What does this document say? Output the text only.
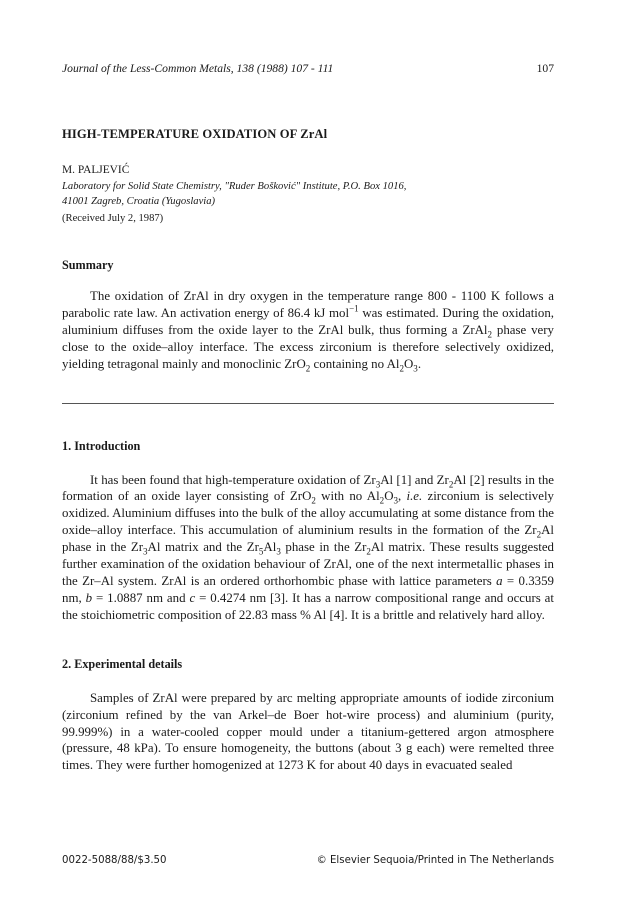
Journal of the Less-Common Metals, 138 (1988) 107 - 111	107
HIGH-TEMPERATURE OXIDATION OF ZrAl
M. PALJEVIĆ
Laboratory for Solid State Chemistry, "Ruder Bošković" Institute, P.O. Box 1016,
41001 Zagreb, Croatia (Yugoslavia)
(Received July 2, 1987)
Summary

The oxidation of ZrAl in dry oxygen in the temperature range 800 - 1100 K follows a parabolic rate law. An activation energy of 86.4 kJ mol$^{-1}$ was estimated. During the oxidation, aluminium diffuses from the oxide layer to the ZrAl bulk, thus forming a ZrAl$_2$ phase very close to the oxide–alloy interface. The excess zirconium is therefore selectively oxidized, yielding tetragonal mainly and monoclinic ZrO$_2$ containing no $Al_2O_3$.

1. Introduction

It has been found that high-temperature oxidation of $Zr_3Al$ [1] and $Zr_2Al$ [2] results in the formation of an oxide layer consisting of ZrO$_2$ with no $Al_2O_3$, i.e. zirconium is selectively oxidized. Aluminium diffuses into the bulk of the alloy accumulating at some distance from the oxide–alloy interface. This accumulation of aluminium results in the formation of the $Zr_2Al$ phase in the $Zr_3Al$ matrix and the $Zr_5Al_3$ phase in the $Zr_2Al$ matrix. These results suggested further examination of the oxidation behaviour of ZrAl, one of the next intermetallic phases in the Zr–Al system. ZrAl is an ordered orthorhombic phase with lattice parameters a = 0.3359 nm, b = 1.0887 nm and c = 0.4274 nm [3]. It has a narrow compositional range and occurs at the stoichiometric composition of 22.83 mass % Al [4]. It is a brittle and relatively hard alloy.

2. Experimental details

Samples of ZrAl were prepared by arc melting appropriate amounts of iodide zirconium (zirconium refined by the van Arkel–de Boer hot-wire process) and aluminium (purity, 99.999%) in a water-cooled copper mould under a titanium-gettered argon atmosphere (pressure, 48 kPa). To ensure homogeneity, the buttons (about 3 g each) were remelted three times. They were further homogenized at 1273 K for about 40 days in evacuated sealed

0022-5088/88/$3.50	© Elsevier Sequoia/Printed in The Netherlands
